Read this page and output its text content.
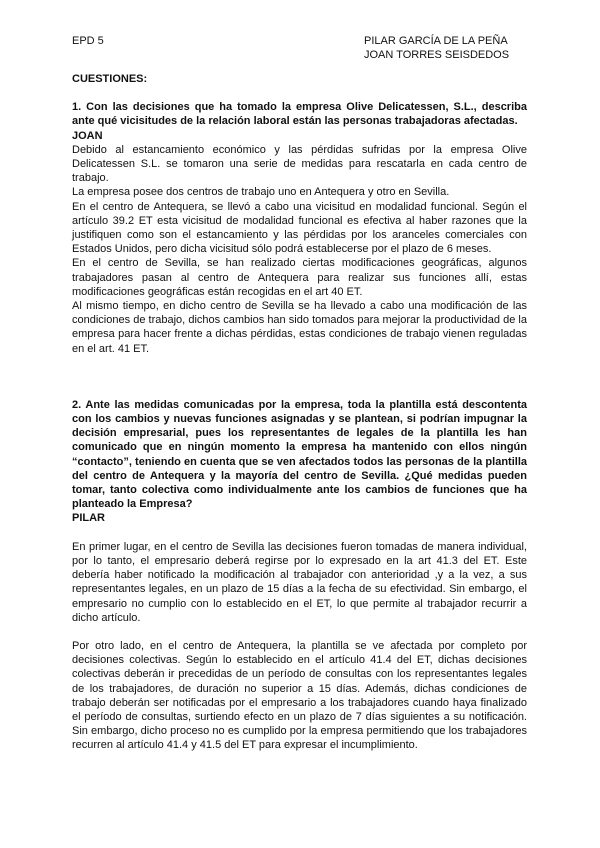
EPD 5	PILAR GARCÍA DE LA PEÑA
JOAN TORRES SEISDEDOS

CUESTIONES:

1. Con las decisiones que ha tomado la empresa Olive Delicatessen, S.L., describa ante qué vicisitudes de la relación laboral están las personas trabajadoras afectadas.

JOAN

Debido al estancamiento económico y las pérdidas sufridas por la empresa Olive Delicatessen S.L. se tomaron una serie de medidas para rescatarla en cada centro de trabajo.

La empresa posee dos centros de trabajo uno en Antequera y otro en Sevilla.

En el centro de Antequera, se llevó a cabo una vicisitud en modalidad funcional. Según el artículo 39.2 ET esta vicisitud de modalidad funcional es efectiva al haber razones que la justifiquen como son el estancamiento y las pérdidas por los aranceles comerciales con Estados Unidos, pero dicha vicisitud sólo podrá establecerse por el plazo de 6 meses.

En el centro de Sevilla, se han realizado ciertas modificaciones geográficas, algunos trabajadores pasan al centro de Antequera para realizar sus funciones allí, estas modificaciones geográficas están recogidas en el art 40 ET.

Al mismo tiempo, en dicho centro de Sevilla se ha llevado a cabo una modificación de las condiciones de trabajo, dichos cambios han sido tomados para mejorar la productividad de la empresa para hacer frente a dichas pérdidas, estas condiciones de trabajo vienen reguladas en el art. 41 ET.

2. Ante las medidas comunicadas por la empresa, toda la plantilla está descontenta con los cambios y nuevas funciones asignadas y se plantean, si podrían impugnar la decisión empresarial, pues los representantes de legales de la plantilla les han comunicado que en ningún momento la empresa ha mantenido con ellos ningún “contacto”, teniendo en cuenta que se ven afectados todos las personas de la plantilla del centro de Antequera y la mayoría del centro de Sevilla. ¿Qué medidas pueden tomar, tanto colectiva como individualmente ante los cambios de funciones que ha planteado la Empresa?

PILAR

En primer lugar, en el centro de Sevilla las decisiones fueron tomadas de manera individual, por lo tanto, el empresario deberá regirse por lo expresado en la art 41.3 del ET. Este debería haber notificado la modificación al trabajador con anterioridad ,y a la vez, a sus representantes legales, en un plazo de 15 días a la fecha de su efectividad. Sin embargo, el empresario no cumplio con lo establecido en el ET, lo que permite al trabajador recurrir a dicho artículo.

Por otro lado, en el centro de Antequera, la plantilla se ve afectada por completo por decisiones colectivas. Según lo establecido en el artículo 41.4 del ET, dichas decisiones colectivas deberán ir precedidas de un período de consultas con los representantes legales de los trabajadores, de duración no superior a 15 días. Además, dichas condiciones de trabajo deberán ser notificadas por el empresario a los trabajadores cuando haya finalizado el período de consultas, surtiendo efecto en un plazo de 7 días siguientes a su notificación. Sin embargo, dicho proceso no es cumplido por la empresa permitiendo que los trabajadores recurren al artículo 41.4 y 41.5 del ET para expresar el incumplimiento.
